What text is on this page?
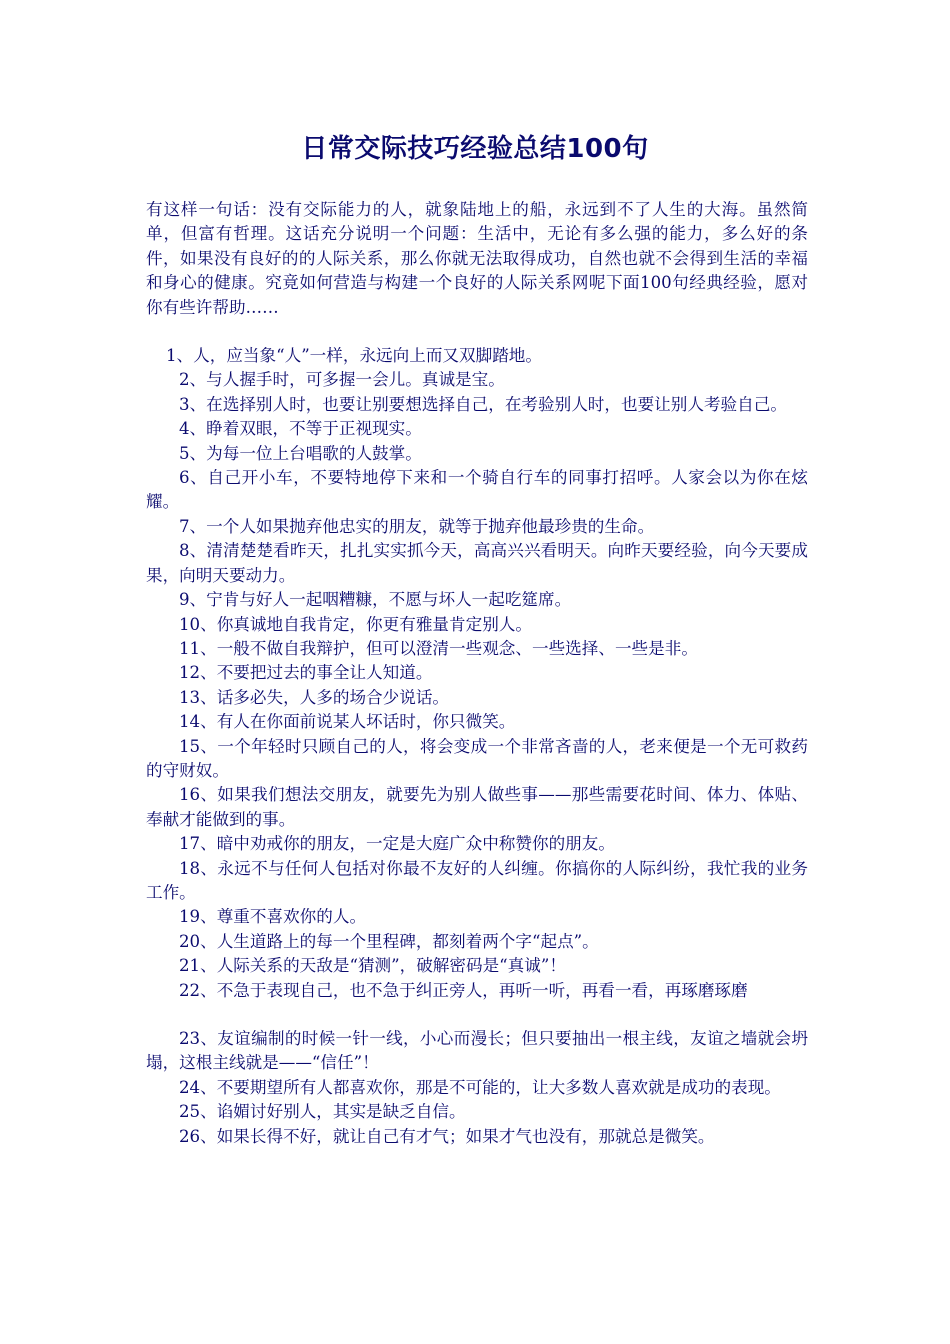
日常交际技巧经验总结100句

有这样一句话：没有交际能力的人，就象陆地上的船，永远到不了人生的大海。虽然简单，但富有哲理。这话充分说明一个问题：生活中，无论有多么强的能力，多么好的条件，如果没有良好的的人际关系，那么你就无法取得成功，自然也就不会得到生活的幸福和身心的健康。究竟如何营造与构建一个良好的人际关系网呢下面100句经典经验，愿对你有些许帮助……

1、人，应当象“人”一样，永远向上而又双脚踏地。

2、与人握手时，可多握一会儿。真诚是宝。

3、在选择别人时，也要让别要想选择自己，在考验别人时，也要让别人考验自己。

4、睁着双眼，不等于正视现实。

5、为每一位上台唱歌的人鼓掌。

6、自己开小车，不要特地停下来和一个骑自行车的同事打招呼。人家会以为你在炫耀。

7、一个人如果抛弃他忠实的朋友，就等于抛弃他最珍贵的生命。

8、清清楚楚看昨天，扎扎实实抓今天，高高兴兴看明天。向昨天要经验，向今天要成果，向明天要动力。

9、宁肯与好人一起咽糟糠，不愿与坏人一起吃筵席。

10、你真诚地自我肯定，你更有雅量肯定别人。

11、一般不做自我辩护，但可以澄清一些观念、一些选择、一些是非。

12、不要把过去的事全让人知道。

13、话多必失，人多的场合少说话。

14、有人在你面前说某人坏话时，你只微笑。

15、一个年轻时只顾自己的人，将会变成一个非常吝啬的人，老来便是一个无可救药的守财奴。

16、如果我们想法交朋友，就要先为别人做些事——那些需要花时间、体力、体贴、奉献才能做到的事。

17、暗中劝戒你的朋友，一定是大庭广众中称赞你的朋友。

18、永远不与任何人包括对你最不友好的人纠缠。你搞你的人际纠纷，我忙我的业务工作。

19、尊重不喜欢你的人。

20、人生道路上的每一个里程碑，都刻着两个字“起点”。

21、人际关系的天敌是“猜测”，破解密码是“真诚”！

22、不急于表现自己，也不急于纠正旁人，再听一听，再看一看，再琢磨琢磨

23、友谊编制的时候一针一线，小心而漫长；但只要抽出一根主线，友谊之墙就会坍塌，这根主线就是——“信任”！

24、不要期望所有人都喜欢你，那是不可能的，让大多数人喜欢就是成功的表现。

25、谄媚讨好别人，其实是缺乏自信。

26、如果长得不好，就让自己有才气；如果才气也没有，那就总是微笑。
